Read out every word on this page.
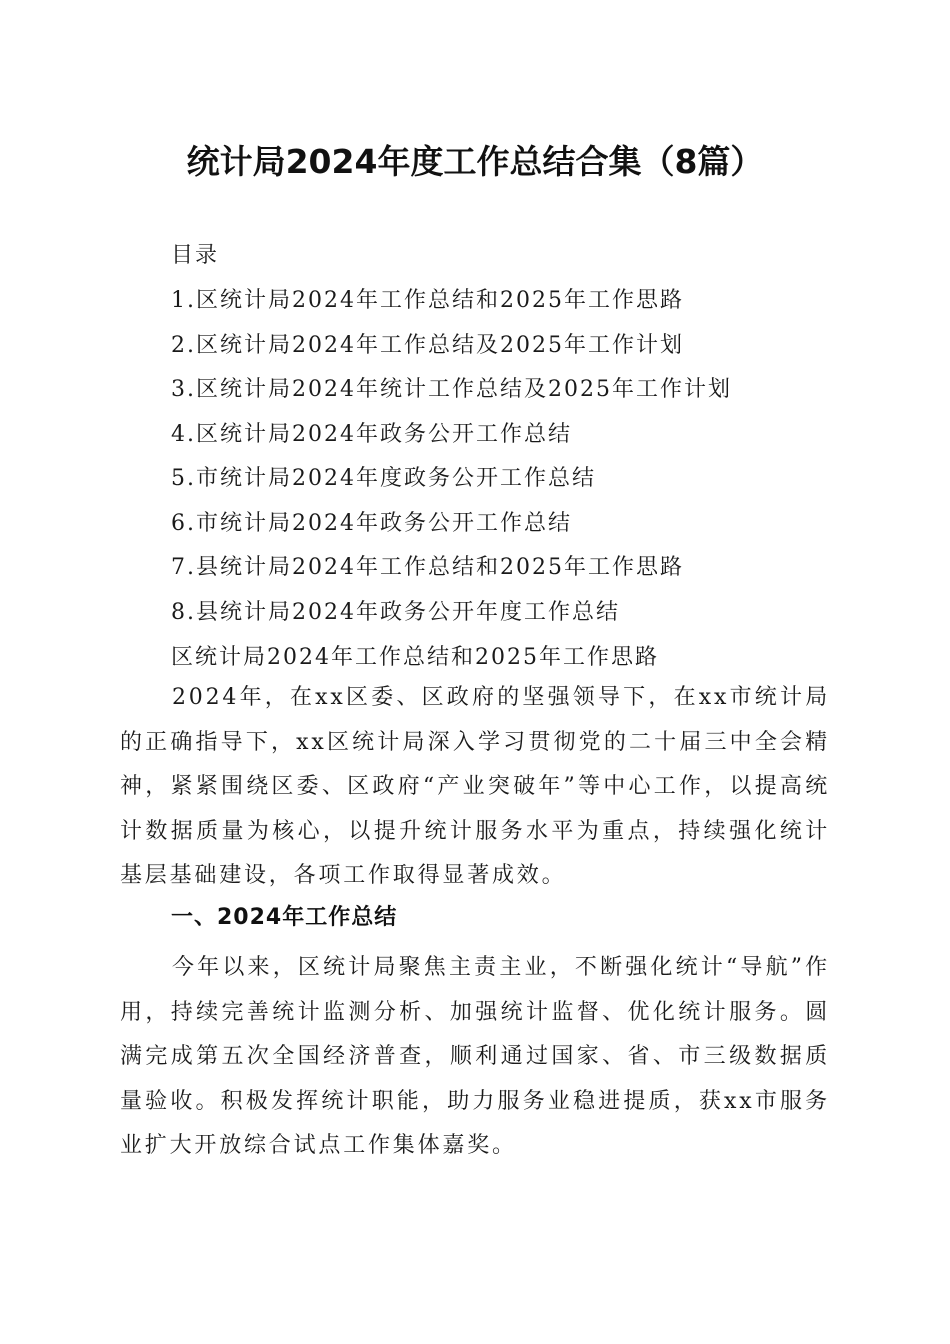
统计局2024年度工作总结合集（8篇）
目录
1.区统计局2024年工作总结和2025年工作思路
2.区统计局2024年工作总结及2025年工作计划
3.区统计局2024年统计工作总结及2025年工作计划
4.区统计局2024年政务公开工作总结
5.市统计局2024年度政务公开工作总结
6.市统计局2024年政务公开工作总结
7.县统计局2024年工作总结和2025年工作思路
8.县统计局2024年政务公开年度工作总结
区统计局2024年工作总结和2025年工作思路

2024年，在xx区委、区政府的坚强领导下，在xx市统计局的正确指导下，xx区统计局深入学习贯彻党的二十届三中全会精神，紧紧围绕区委、区政府“产业突破年”等中心工作，以提高统计数据质量为核心，以提升统计服务水平为重点，持续强化统计基层基础建设，各项工作取得显著成效。

一、2024年工作总结

今年以来，区统计局聚焦主责主业，不断强化统计“导航”作用，持续完善统计监测分析、加强统计监督、优化统计服务。圆满完成第五次全国经济普查，顺利通过国家、省、市三级数据质量验收。积极发挥统计职能，助力服务业稳进提质，获xx市服务业扩大开放综合试点工作集体嘉奖。
